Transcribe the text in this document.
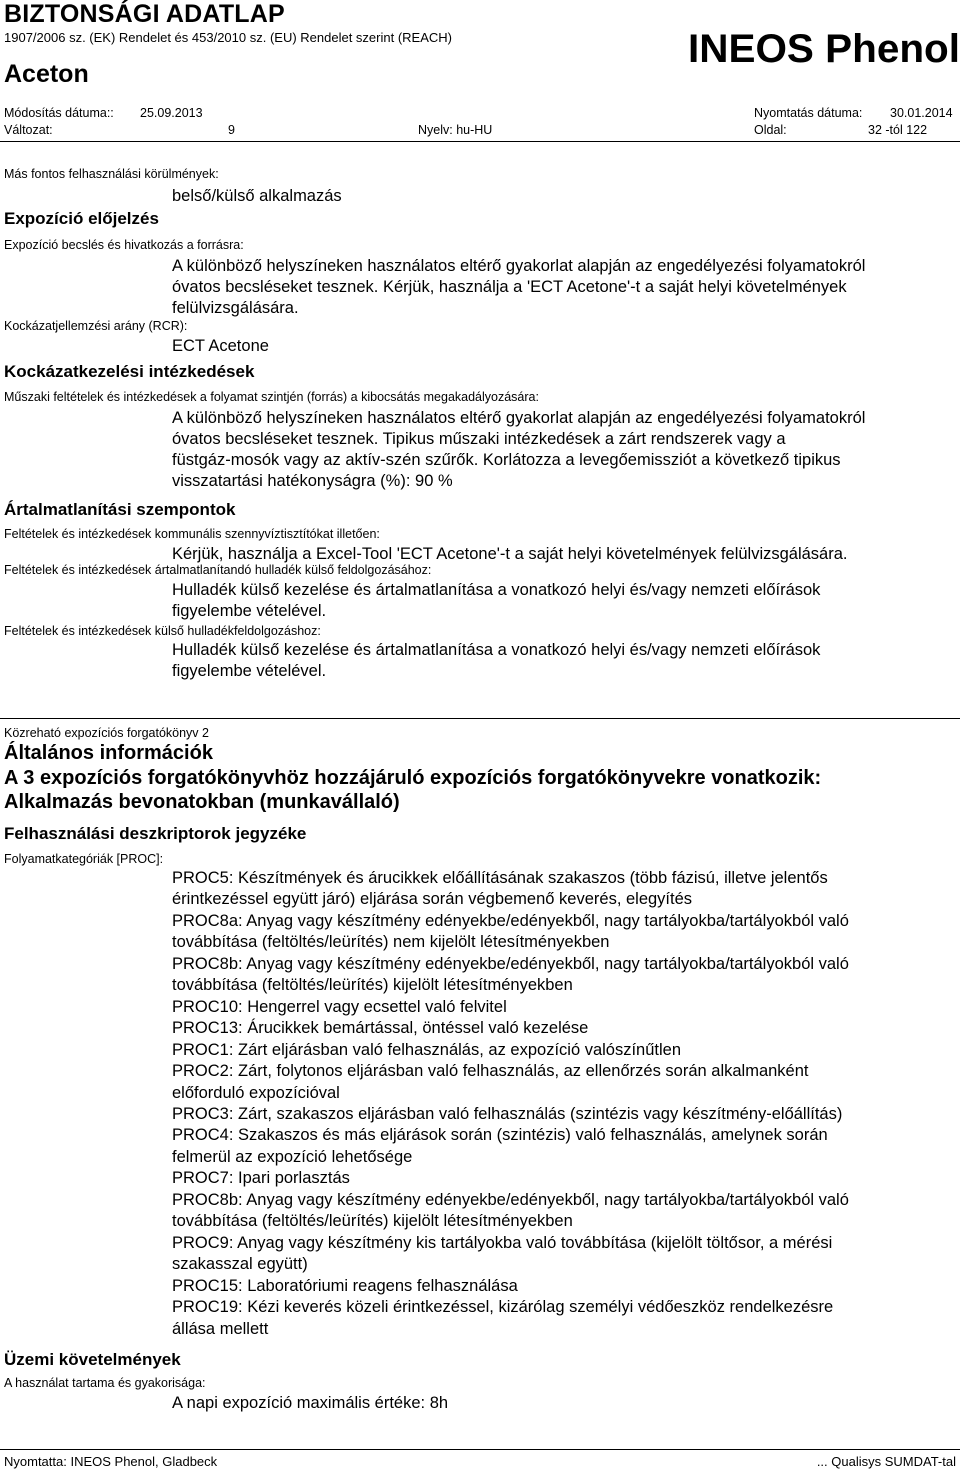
BIZTONSÁGI ADATLAP
1907/2006 sz. (EK) Rendelet és 453/2010 sz. (EU) Rendelet szerint (REACH)
Aceton
INEOS Phenol
Módosítás dátuma:: 25.09.2013	Nyomtatás dátuma: 30.01.2014
Változat:	9	Nyelv: hu-HU	Oldal:	32 -tól 122
Más fontos felhasználási körülmények:
belső/külső alkalmazás
Expozíció előjelzés
Expozíció becslés és hivatkozás a forrásra:
A különböző helyszíneken használatos eltérő gyakorlat alapján az engedélyezési folyamatokról
óvatos becsléseket tesznek. Kérjük, használja a 'ECT Acetone'-t a saját helyi követelmények
felülvizsgálására.
Kockázatjellemzési arány (RCR):
ECT Acetone
Kockázatkezelési intézkedések
Műszaki feltételek és intézkedések a folyamat szintjén (forrás) a kibocsátás megakadályozására:
A különböző helyszíneken használatos eltérő gyakorlat alapján az engedélyezési folyamatokról
óvatos becsléseket tesznek. Tipikus műszaki intézkedések a zárt rendszerek vagy a
füstgáz-mosók vagy az aktív-szén szűrők. Korlátozza a levegőemissziót a következő tipikus
visszatartási hatékonyságra (%): 90 %
Ártalmatlanítási szempontok
Feltételek és intézkedések kommunális szennyvíztisztítókat illetően:
Kérjük, használja a Excel-Tool 'ECT Acetone'-t a saját helyi követelmények felülvizsgálására.
Feltételek és intézkedések ártalmatlanítandó hulladék külső feldolgozásához:
Hulladék külső kezelése és ártalmatlanítása a vonatkozó helyi és/vagy nemzeti előírások
figyelembe vételével.
Feltételek és intézkedések külső hulladékfeldolgozáshoz:
Hulladék külső kezelése és ártalmatlanítása a vonatkozó helyi és/vagy nemzeti előírások
figyelembe vételével.
Közreható expozíciós forgatókönyv 2
Általános információk
A 3 expozíciós forgatókönyvhöz hozzájáruló expozíciós forgatókönyvekre vonatkozik:
Alkalmazás bevonatokban (munkavállaló)
Felhasználási deszkriptorok jegyzéke
Folyamatkategóriák [PROC]:
PROC5: Készítmények és árucikkek előállításának szakaszos (több fázisú, illetve jelentős
érintkezéssel együtt járó) eljárása során végbemenő keverés, elegyítés
PROC8a: Anyag vagy készítmény edényekbe/edényekből, nagy tartályokba/tartályokból való
továbbítása (feltöltés/leürítés) nem kijelölt létesítményekben
PROC8b: Anyag vagy készítmény edényekbe/edényekből, nagy tartályokba/tartályokból való
továbbítása (feltöltés/leürítés) kijelölt létesítményekben
PROC10: Hengerrel vagy ecsettel való felvitel
PROC13: Árucikkek bemártással, öntéssel való kezelése
PROC1: Zárt eljárásban való felhasználás, az expozíció valószínűtlen
PROC2: Zárt, folytonos eljárásban való felhasználás, az ellenőrzés során alkalmanként
előforduló expozícióval
PROC3: Zárt, szakaszos eljárásban való felhasználás (szintézis vagy készítmény-előállítás)
PROC4: Szakaszos és más eljárások során (szintézis) való felhasználás, amelynek során
felmerül az expozíció lehetősége
PROC7: Ipari porlasztás
PROC8b: Anyag vagy készítmény edényekbe/edényekből, nagy tartályokba/tartályokból való
továbbítása (feltöltés/leürítés) kijelölt létesítményekben
PROC9: Anyag vagy készítmény kis tartályokba való továbbítása (kijelölt töltősor, a mérési
szakasszal együtt)
PROC15: Laboratóriumi reagens felhasználása
PROC19: Kézi keverés közeli érintkezéssel, kizárólag személyi védőeszköz rendelkezésre
állása mellett
Üzemi követelmények
A használat tartama és gyakorisága:
A napi expozíció maximális értéke: 8h
Nyomtatta: INEOS Phenol, Gladbeck	... Qualisys SUMDAT-tal
